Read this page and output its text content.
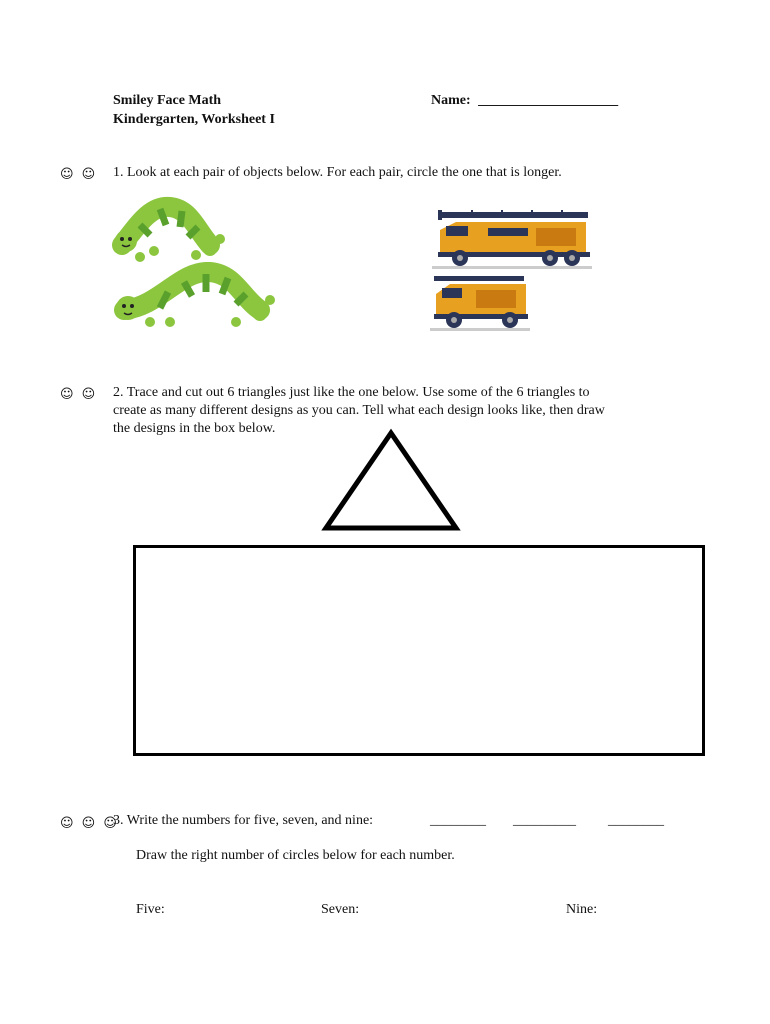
Smiley Face Math
Kindergarten, Worksheet I
Name: ____________________
☺ ☺ 1. Look at each pair of objects below. For each pair, circle the one that is longer.
☺ ☺ 2. Trace and cut out 6 triangles just like the one below. Use some of the 6 triangles to
create as many different designs as you can. Tell what each design looks like, then draw
the designs in the box below.
☺ ☺ ☺
3. Write the numbers for five, seven, and nine:	________ _________ ________
Draw the right number of circles below for each number.
Five:	Seven:	Nine:
